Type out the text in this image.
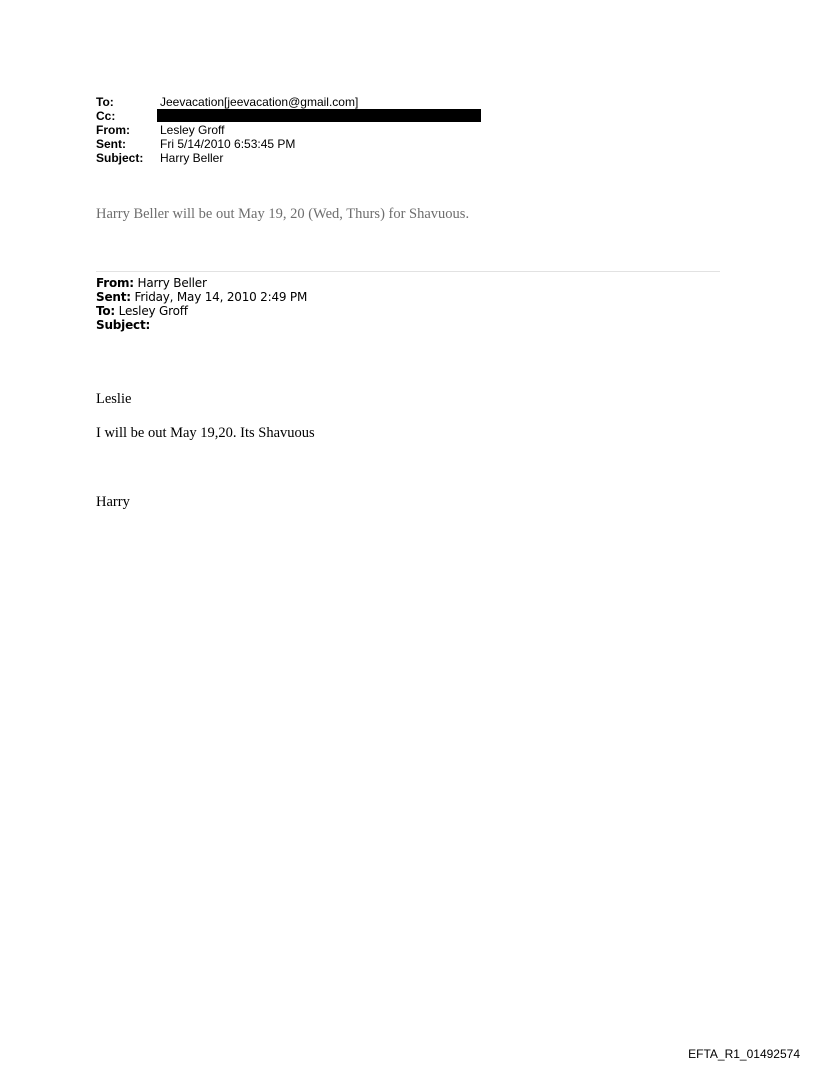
To:	Jeevacation[jeevacation@gmail.com]
Cc:
From:	Lesley Groff
Sent:	Fri 5/14/2010 6:53:45 PM
Subject:	Harry Beller
Harry Beller will be out May 19, 20 (Wed, Thurs) for Shavuous.
From: Harry Beller
Sent: Friday, May 14, 2010 2:49 PM
To: Lesley Groff
Subject:
Leslie
I will be out May 19,20. Its Shavuous
Harry
EFTA_R1_01492574
